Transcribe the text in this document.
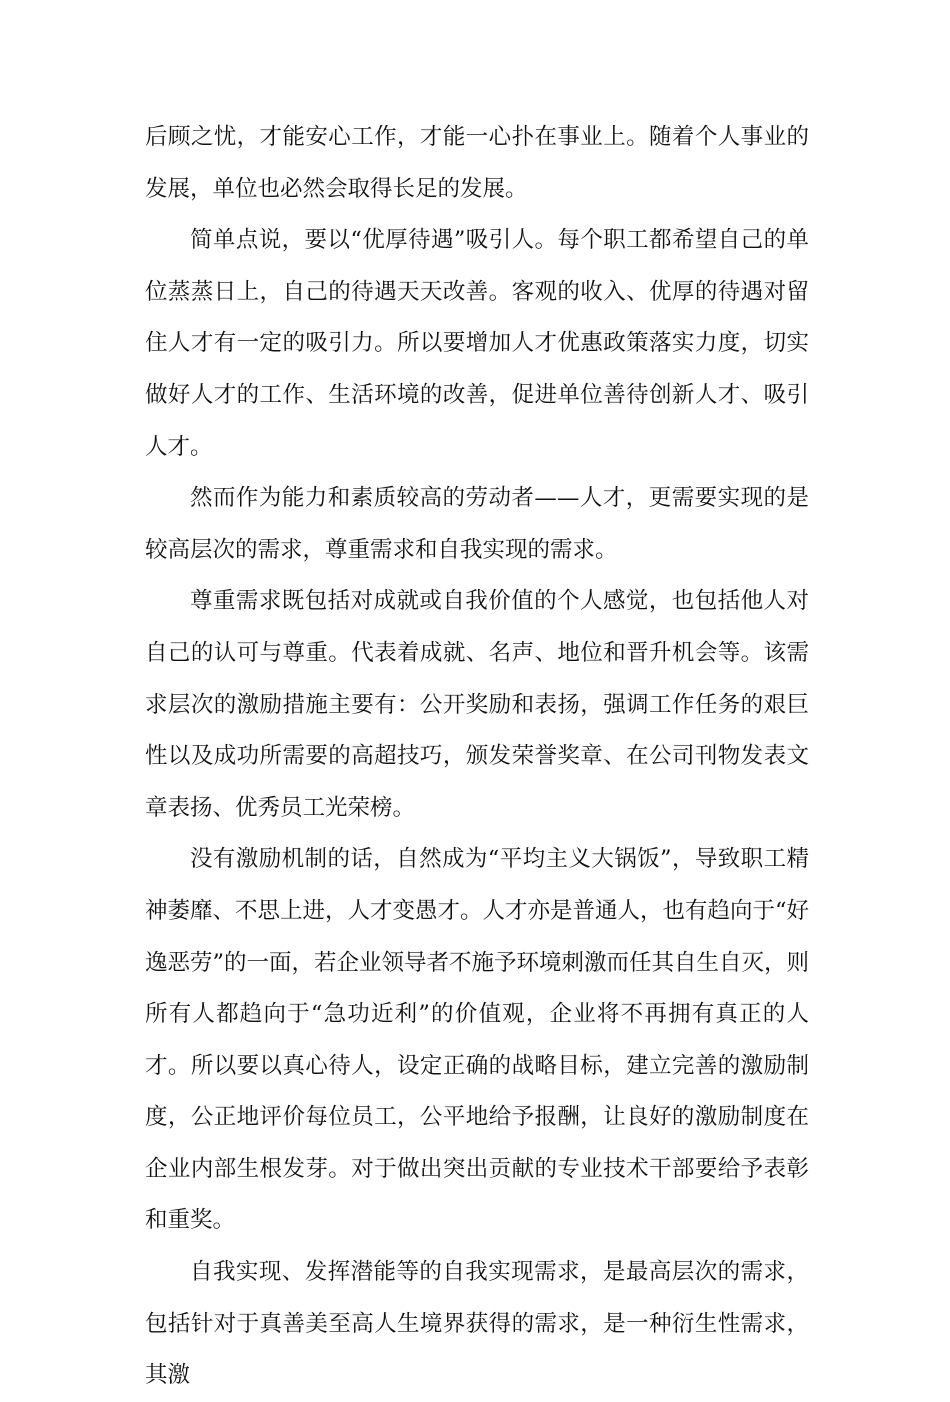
后顾之忧，才能安心工作，才能一心扑在事业上。随着个人事业的发展，单位也必然会取得长足的发展。

简单点说，要以“优厚待遇”吸引人。每个职工都希望自己的单位蒸蒸日上，自己的待遇天天改善。客观的收入、优厚的待遇对留住人才有一定的吸引力。所以要增加人才优惠政策落实力度，切实做好人才的工作、生活环境的改善，促进单位善待创新人才、吸引人才。

然而作为能力和素质较高的劳动者——人才，更需要实现的是较高层次的需求，尊重需求和自我实现的需求。

尊重需求既包括对成就或自我价值的个人感觉，也包括他人对自己的认可与尊重。代表着成就、名声、地位和晋升机会等。该需求层次的激励措施主要有：公开奖励和表扬，强调工作任务的艰巨性以及成功所需要的高超技巧，颁发荣誉奖章、在公司刊物发表文章表扬、优秀员工光荣榜。

没有激励机制的话，自然成为“平均主义大锅饭”，导致职工精神萎靡、不思上进，人才变愚才。人才亦是普通人，也有趋向于“好逸恶劳”的一面，若企业领导者不施予环境刺激而任其自生自灭，则所有人都趋向于“急功近利”的价值观，企业将不再拥有真正的人才。所以要以真心待人，设定正确的战略目标，建立完善的激励制度，公正地评价每位员工，公平地给予报酬，让良好的激励制度在企业内部生根发芽。对于做出突出贡献的专业技术干部要给予表彰和重奖。

自我实现、发挥潜能等的自我实现需求，是最高层次的需求，包括针对于真善美至高人生境界获得的需求，是一种衍生性需求，其激
